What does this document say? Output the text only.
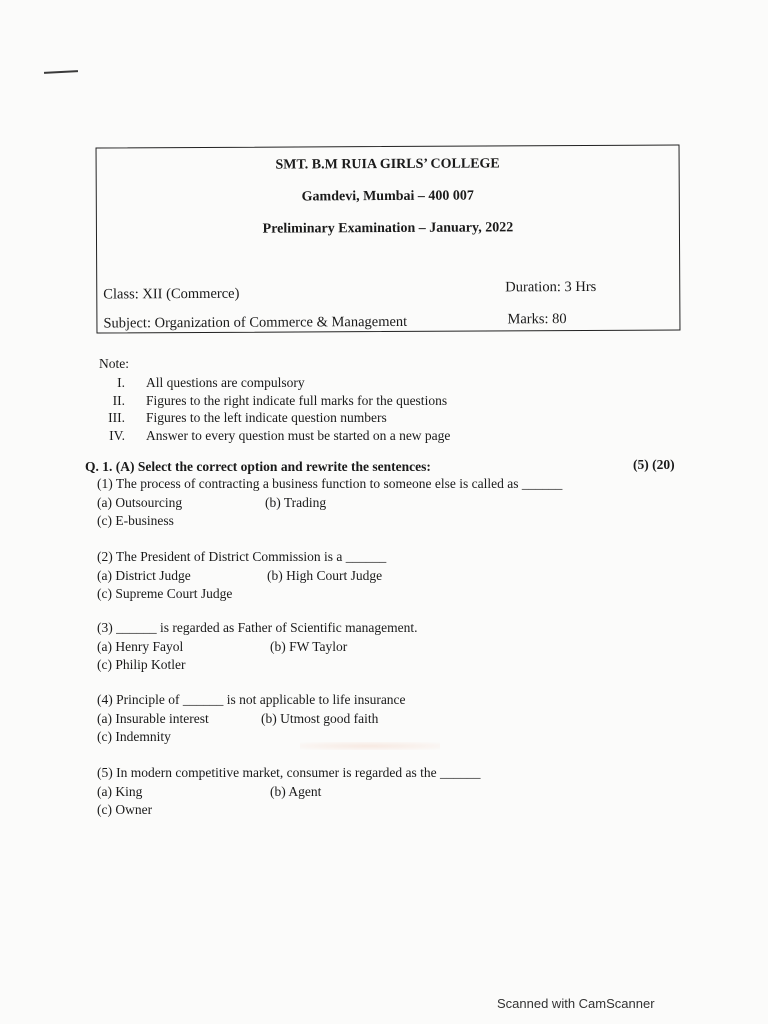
SMT. B.M RUIA GIRLS’ COLLEGE
Gamdevi, Mumbai – 400 007
Preliminary Examination – January, 2022
Class: XII (Commerce)
Subject: Organization of Commerce & Management
Duration: 3 Hrs
Marks: 80
Note:
I. All questions are compulsory
II. Figures to the right indicate full marks for the questions
III. Figures to the left indicate question numbers
IV. Answer to every question must be started on a new page
Q. 1. (A) Select the correct option and rewrite the sentences:	(5) (20)
(1) The process of contracting a business function to someone else is called as ______
(a) Outsourcing	(b) Trading
(c) E-business
(2) The President of District Commission is a ______
(a) District Judge	(b) High Court Judge
(c) Supreme Court Judge
(3) ______ is regarded as Father of Scientific management.
(a) Henry Fayol	(b) FW Taylor
(c) Philip Kotler
(4) Principle of ______ is not applicable to life insurance
(a) Insurable interest	(b) Utmost good faith
(c) Indemnity
(5) In modern competitive market, consumer is regarded as the ______
(a) King	(b) Agent
(c) Owner
Scanned with CamScanner
